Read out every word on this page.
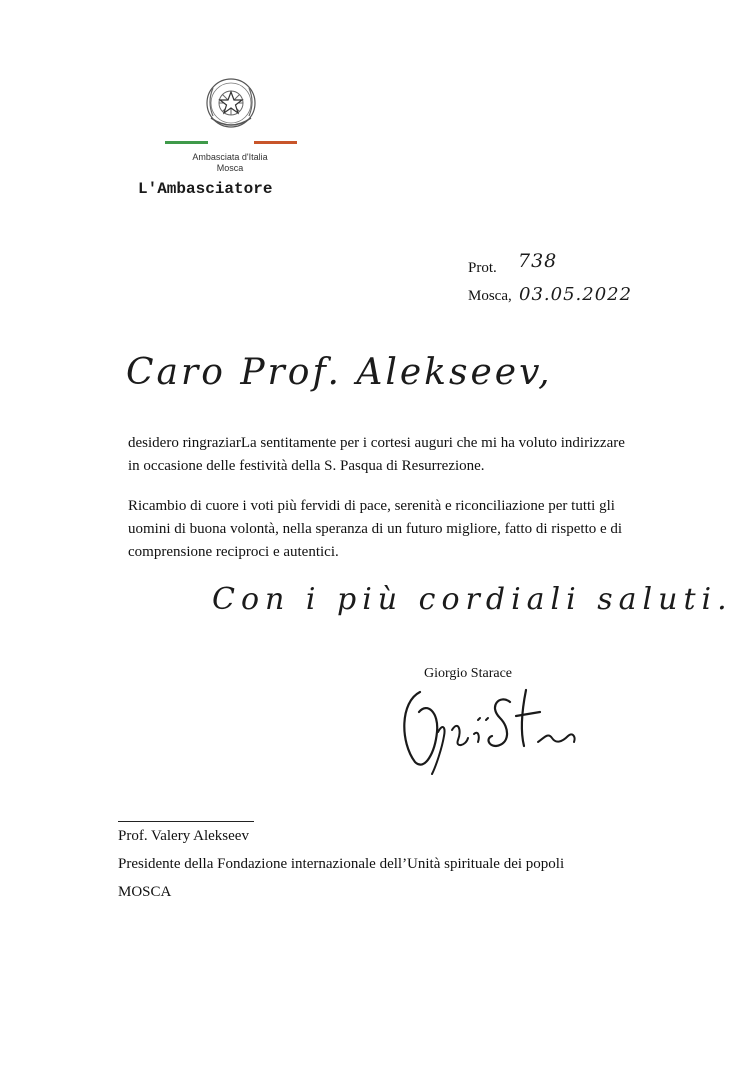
Ambasciata d'Italia
Mosca
L'Ambasciatore
Prot. 738
Mosca, 03.05.2022
Caro Prof. Alekseev,
desidero ringraziarLa sentitamente per i cortesi auguri che mi ha voluto indirizzare in occasione delle festività della S. Pasqua di Resurrezione.
Ricambio di cuore i voti più fervidi di pace, serenità e riconciliazione per tutti gli uomini di buona volontà, nella speranza di un futuro migliore, fatto di rispetto e di comprensione reciproci e autentici.
Con i più cordiali saluti.
Giorgio Starace
Prof. Valery Alekseev
Presidente della Fondazione internazionale dell’Unità spirituale dei popoli
MOSCA
